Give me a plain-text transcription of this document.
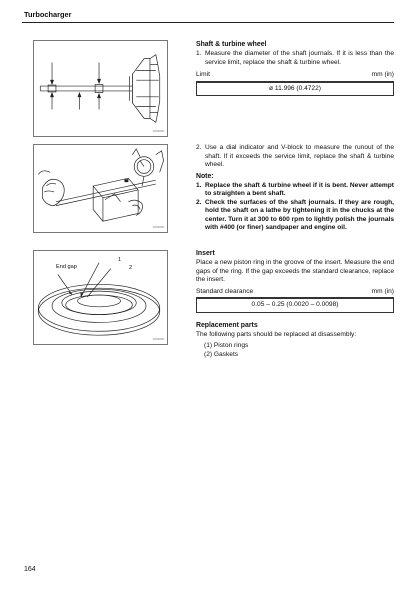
Turbocharger
00S0000
00S0000
End gap
1
2
00S0000
Shaft & turbine wheel
1. Measure the diameter of the shaft journals. If it is less than the service limit, replace the shaft & turbine wheel.
Limit	mm (in)
ø 11.996 (0.4722)
2. Use a dial indicator and V-block to measure the runout of the shaft. If it exceeds the service limit, replace the shaft & turbine wheel.
Note:
1. Replace the shaft & turbine wheel if it is bent. Never attempt to straighten a bent shaft.
2. Check the surfaces of the shaft journals. If they are rough, hold the shaft on a lathe by tightening it in the chucks at the center. Turn it at 300 to 600 rpm to lightly polish the journals with #400 (or finer) sandpaper and engine oil.
Insert

Place a new piston ring in the groove of the insert. Measure the end gaps of the ring. If the gap exceeds the standard clearance, replace the insert.

Standard clearance	mm (in)
0.05 – 0.25 (0.0020 – 0.0098)
Replacement parts

The following parts should be replaced at disassembly:

(1) Piston rings

(2) Gaskets

164
